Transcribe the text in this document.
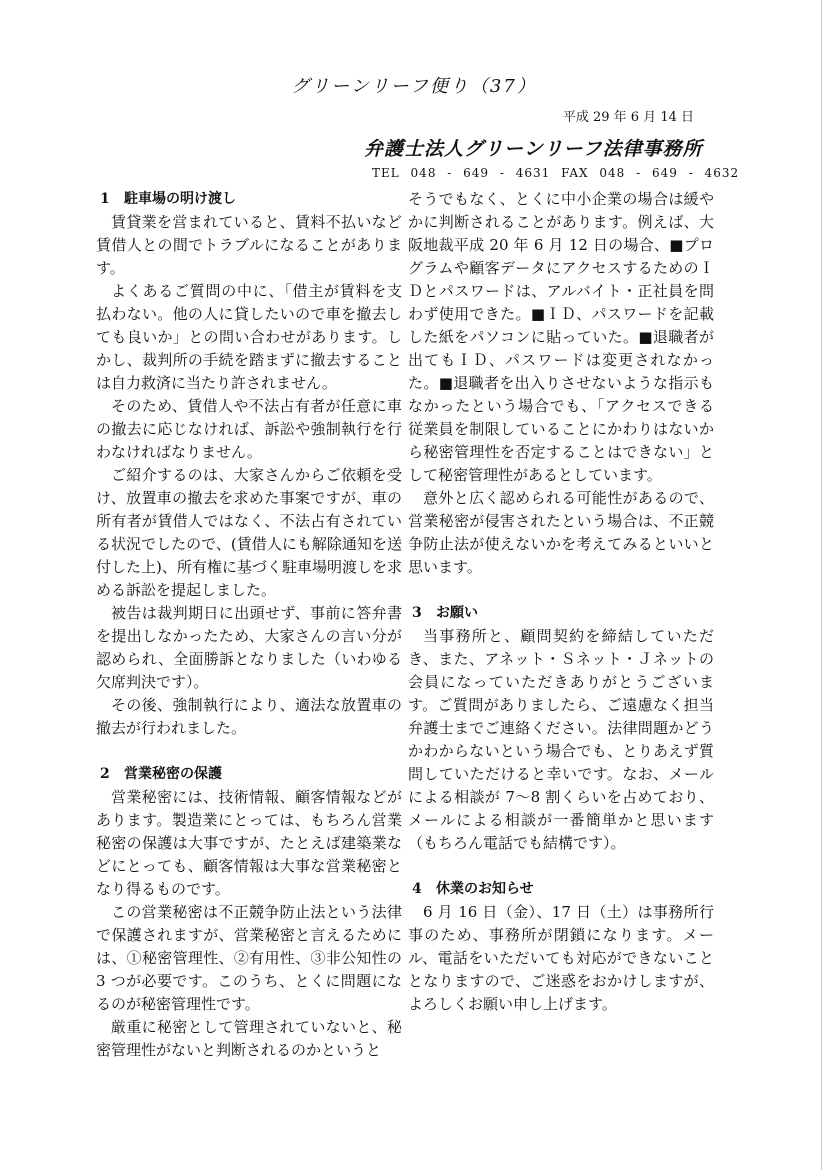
グリーンリーフ便り（37）
平成 29 年 6 月 14 日
弁護士法人グリーンリーフ法律事務所
TEL 048 - 649 - 4631 FAX 048 - 649 - 4632

1 駐車場の明け渡し

賃貸業を営まれていると、賃料不払いなど賃借人との間でトラブルになることがあります。

よくあるご質問の中に、「借主が賃料を支払わない。他の人に貸したいので車を撤去しても良いか」との問い合わせがあります。しかし、裁判所の手続を踏まずに撤去することは自力救済に当たり許されません。

そのため、賃借人や不法占有者が任意に車の撤去に応じなければ、訴訟や強制執行を行わなければなりません。

ご紹介するのは、大家さんからご依頼を受け、放置車の撤去を求めた事案ですが、車の所有者が賃借人ではなく、不法占有されている状況でしたので、(賃借人にも解除通知を送付した上)、所有権に基づく駐車場明渡しを求める訴訟を提起しました。

被告は裁判期日に出頭せず、事前に答弁書を提出しなかったため、大家さんの言い分が認められ、全面勝訴となりました（いわゆる欠席判決です）。

その後、強制執行により、適法な放置車の撤去が行われました。

2 営業秘密の保護

営業秘密には、技術情報、顧客情報などがあります。製造業にとっては、もちろん営業秘密の保護は大事ですが、たとえば建築業などにとっても、顧客情報は大事な営業秘密となり得るものです。

この営業秘密は不正競争防止法という法律で保護されますが、営業秘密と言えるためには、①秘密管理性、②有用性、③非公知性の3 つが必要です。このうち、とくに問題になるのが秘密管理性です。

厳重に秘密として管理されていないと、秘密管理性がないと判断されるのかというと

そうでもなく、とくに中小企業の場合は緩やかに判断されることがあります。例えば、大阪地裁平成 20 年 6 月 12 日の場合、■プログラムや顧客データにアクセスするためのＩＤとパスワードは、アルバイト・正社員を問わず使用できた。■ＩＤ、パスワードを記載した紙をパソコンに貼っていた。■退職者が出てもＩＤ、パスワードは変更されなかった。■退職者を出入りさせないような指示もなかったという場合でも、「アクセスできる従業員を制限していることにかわりはないから秘密管理性を否定することはできない」として秘密管理性があるとしています。

意外と広く認められる可能性があるので、営業秘密が侵害されたという場合は、不正競争防止法が使えないかを考えてみるといいと思います。

3 お願い

当事務所と、顧問契約を締結していただき、また、アネット・Ｓネット・Ｊネットの会員になっていただきありがとうございます。ご質問がありましたら、ご遠慮なく担当弁護士までご連絡ください。法律問題かどうかわからないという場合でも、とりあえず質問していただけると幸いです。なお、メールによる相談が 7～8 割くらいを占めており、メールによる相談が一番簡単かと思います（もちろん電話でも結構です）。

4 休業のお知らせ

6 月 16 日（金）、17 日（土）は事務所行事のため、事務所が閉鎖になります。メール、電話をいただいても対応ができないこととなりますので、ご迷惑をおかけしますが、よろしくお願い申し上げます。
